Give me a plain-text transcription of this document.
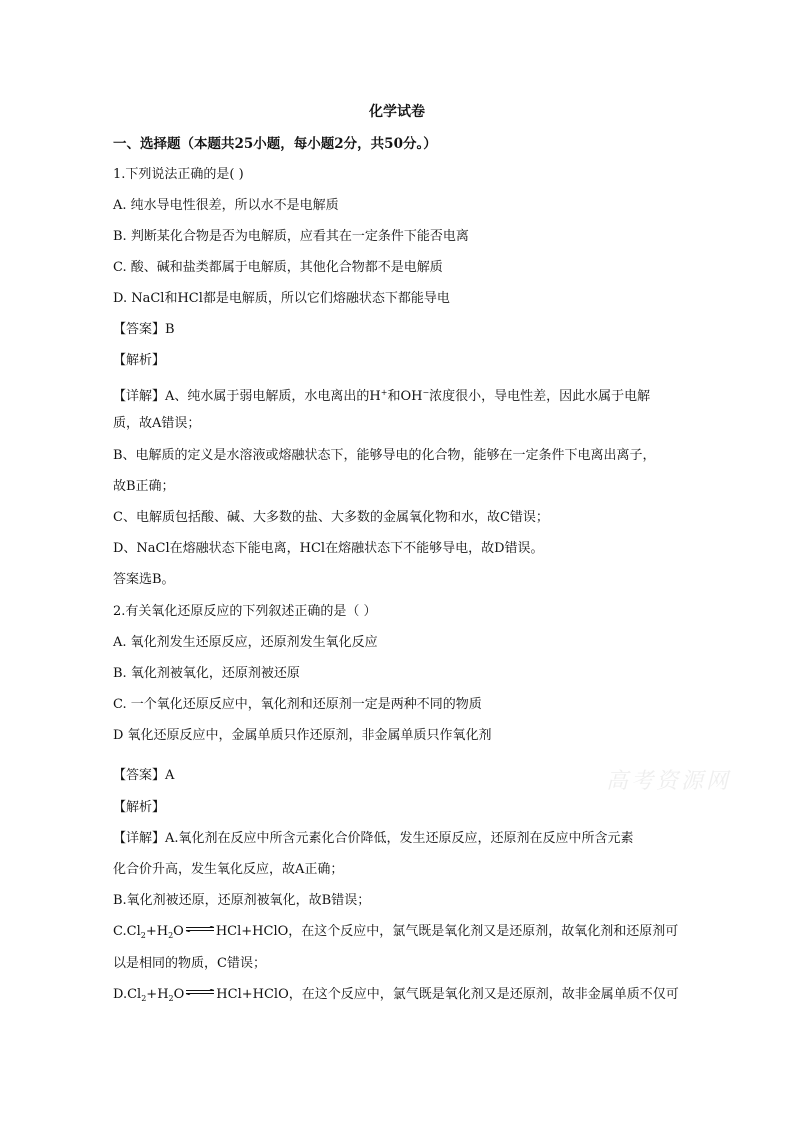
化学试卷
一、选择题（本题共25小题，每小题2分，共50分。）
1.下列说法正确的是( )
A. 纯水导电性很差，所以水不是电解质
B. 判断某化合物是否为电解质，应看其在一定条件下能否电离
C. 酸、碱和盐类都属于电解质，其他化合物都不是电解质
D. NaCl和HCl都是电解质，所以它们熔融状态下都能导电
【答案】B
【解析】
【详解】A、纯水属于弱电解质，水电离出的H+和OH−浓度很小，导电性差，因此水属于电解
质，故A错误；
B、电解质的定义是水溶液或熔融状态下，能够导电的化合物，能够在一定条件下电离出离子，
故B正确；
C、电解质包括酸、碱、大多数的盐、大多数的金属氧化物和水，故C错误；
D、NaCl在熔融状态下能电离，HCl在熔融状态下不能够导电，故D错误。
答案选B。
2.有关氧化还原反应的下列叙述正确的是（ ）
A. 氧化剂发生还原反应，还原剂发生氧化反应
B. 氧化剂被氧化，还原剂被还原
C. 一个氧化还原反应中，氧化剂和还原剂一定是两种不同的物质
D 氧化还原反应中，金属单质只作还原剂，非金属单质只作氧化剂
【答案】A
【解析】
【详解】A.氧化剂在反应中所含元素化合价降低，发生还原反应，还原剂在反应中所含元素
化合价升高，发生氧化反应，故A正确；
B.氧化剂被还原，还原剂被氧化，故B错误；
$C.Cl_2+H_2O\rightleftharpoons HCl+HClO$，在这个反应中，氯气既是氧化剂又是还原剂，故氧化剂和还原剂可
以是相同的物质，C错误；
$D.Cl_2+H_2O\rightleftharpoons HCl+HClO$，在这个反应中，氯气既是氧化剂又是还原剂，故非金属单质不仅可
高考资源网
